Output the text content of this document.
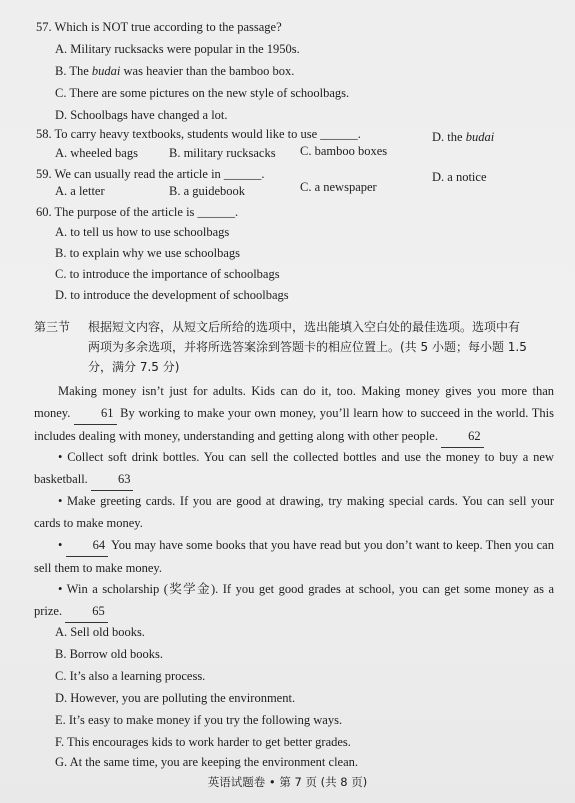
57. Which is NOT true according to the passage?
A. Military rucksacks were popular in the 1950s.
B. The budai was heavier than the bamboo box.
C. There are some pictures on the new style of schoolbags.
D. Schoolbags have changed a lot.
58. To carry heavy textbooks, students would like to use ______.
A. wheeled bags B. military rucksacks C. bamboo boxes
D. the budai
59. We can usually read the article in ______.
A. a letter	B. a guidebook	C. a newspaper
D. a notice
60. The purpose of the article is ______.
A. to tell us how to use schoolbags
B. to explain why we use schoolbags
C. to introduce the importance of schoolbags
D. to introduce the development of schoolbags
第三节 根据短文内容，从短文后所给的选项中，选出能填入空白处的最佳选项。选项中有
两项为多余选项，并将所选答案涂到答题卡的相应位置上。(共 5 小题；每小题 1.5
分，满分 7.5 分)
Making money isn’t just for adults. Kids can do it, too. Making money gives you more than money. 61 By working to make your own money, you’ll learn how to succeed in the world. This includes dealing with money, understanding and getting along with other people. 62
• Collect soft drink bottles. You can sell the collected bottles and use the money to buy a new basketball. 63
• Make greeting cards. If you are good at drawing, try making special cards. You can sell your cards to make money.
• 64 You may have some books that you have read but you don’t want to keep. Then you can sell them to make money.
• Win a scholarship (奖学金). If you get good grades at school, you can get some money as a prize. 65
A. Sell old books.
B. Borrow old books.
C. It’s also a learning process.
D. However, you are polluting the environment.
E. It’s easy to make money if you try the following ways.
F. This encourages kids to work harder to get better grades.
G. At the same time, you are keeping the environment clean.
英语试题卷 • 第 7 页 (共 8 页)
